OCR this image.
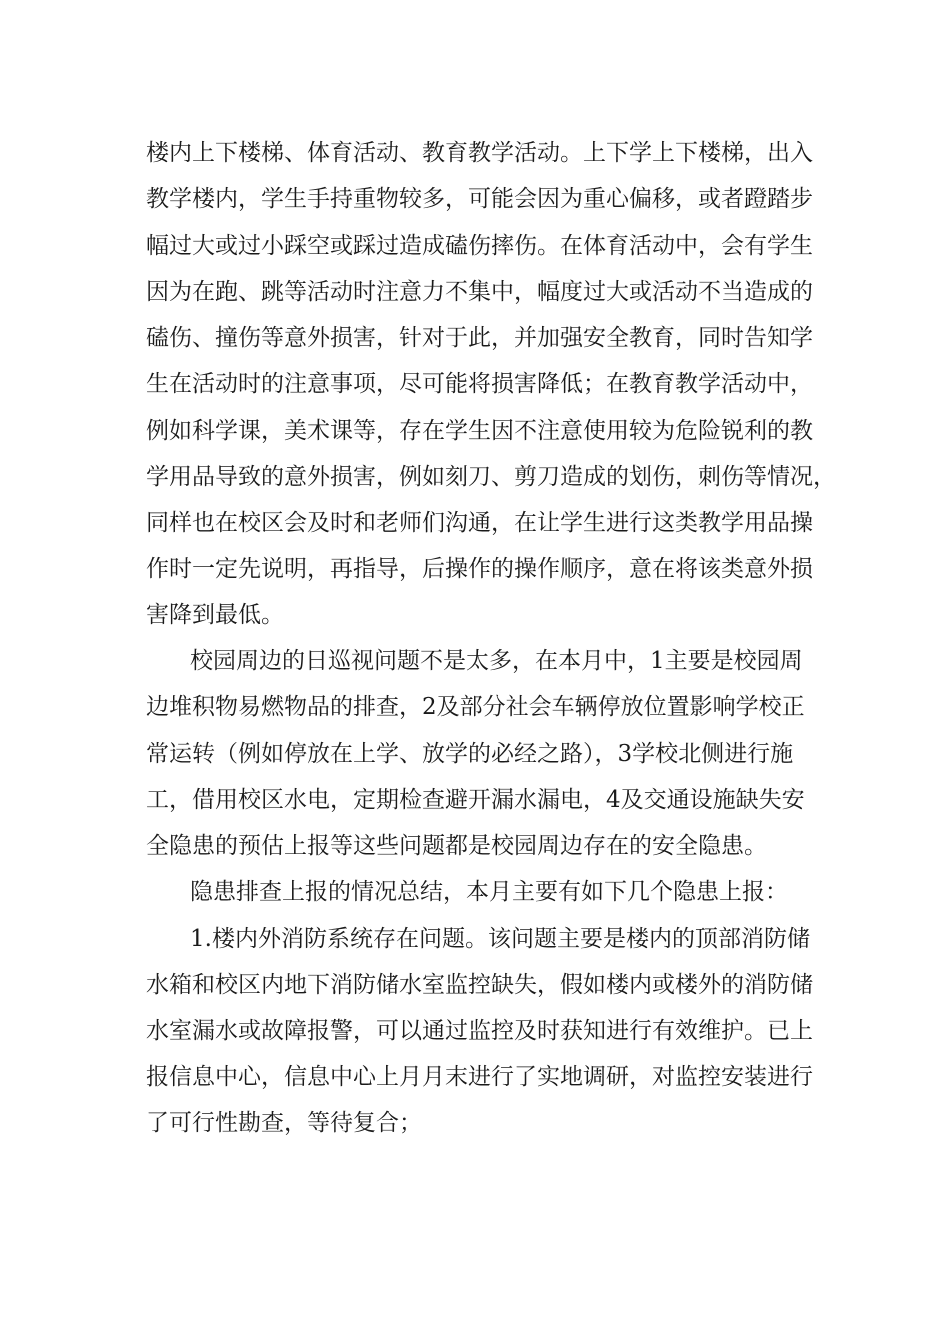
楼内上下楼梯、体育活动、教育教学活动。上下学上下楼梯，出入
教学楼内，学生手持重物较多，可能会因为重心偏移，或者蹬踏步
幅过大或过小踩空或踩过造成磕伤摔伤。在体育活动中，会有学生
因为在跑、跳等活动时注意力不集中，幅度过大或活动不当造成的
磕伤、撞伤等意外损害，针对于此，并加强安全教育，同时告知学
生在活动时的注意事项，尽可能将损害降低；在教育教学活动中，
例如科学课，美术课等，存在学生因不注意使用较为危险锐利的教
学用品导致的意外损害，例如刻刀、剪刀造成的划伤，刺伤等情况，
同样也在校区会及时和老师们沟通，在让学生进行这类教学用品操
作时一定先说明，再指导，后操作的操作顺序，意在将该类意外损
害降到最低。
校园周边的日巡视问题不是太多，在本月中，1主要是校园周
边堆积物易燃物品的排查，2及部分社会车辆停放位置影响学校正
常运转（例如停放在上学、放学的必经之路），3学校北侧进行施
工，借用校区水电，定期检查避开漏水漏电，4及交通设施缺失安
全隐患的预估上报等这些问题都是校园周边存在的安全隐患。
隐患排查上报的情况总结，本月主要有如下几个隐患上报：
1.楼内外消防系统存在问题。该问题主要是楼内的顶部消防储
水箱和校区内地下消防储水室监控缺失，假如楼内或楼外的消防储
水室漏水或故障报警，可以通过监控及时获知进行有效维护。已上
报信息中心，信息中心上月月末进行了实地调研，对监控安装进行
了可行性勘查，等待复合；
